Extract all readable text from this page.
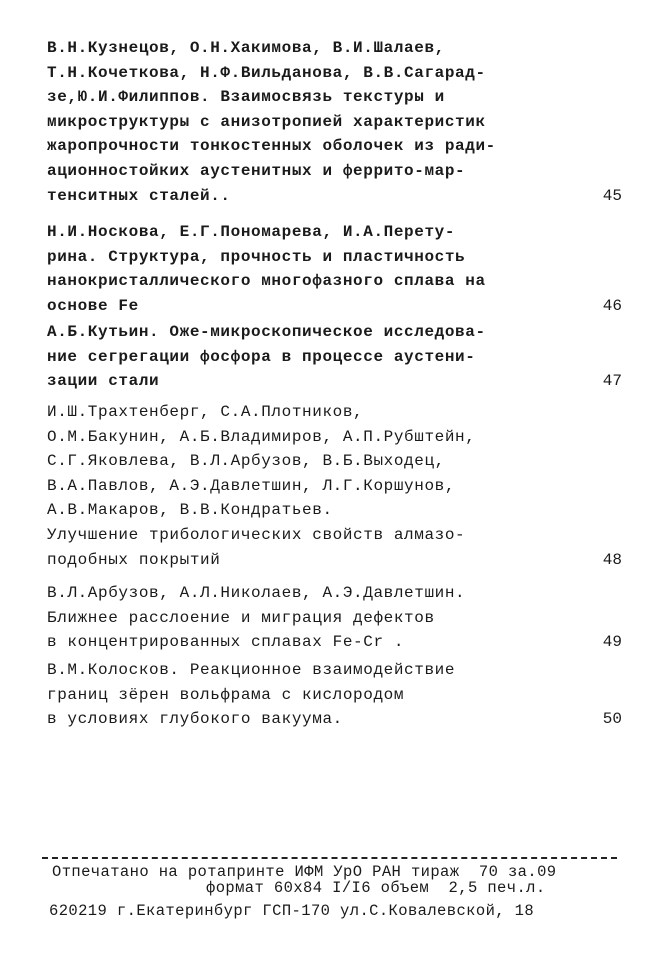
В.Н.Кузнецов, О.Н.Хакимова, В.И.Шалаев,
Т.Н.Кочеткова, Н.Ф.Вильданова, В.В.Сагарад-
зе,Ю.И.Филиппов. Взаимосвязь текстуры и
микроструктуры с анизотропией характеристик
жаропрочности тонкостенных оболочек из ради-
ационностойких аустенитных и феррито-мар-
тенситных сталей..	45
Н.И.Носкова, Е.Г.Пономарева, И.А.Перету-
рина. Структура, прочность и пластичность
нанокристаллического многофазного сплава на
основе Fe	46
А.Б.Кутьин. Оже-микроскопическое исследова-
ние сегрегации фосфора в процессе аустени-
зации стали	47
И.Ш.Трахтенберг, С.А.Плотников,
О.М.Бакунин, А.Б.Владимиров, А.П.Рубштейн,
С.Г.Яковлева, В.Л.Арбузов, В.Б.Выходец,
В.А.Павлов, А.Э.Давлетшин, Л.Г.Коршунов,
А.В.Макаров, В.В.Кондратьев.
Улучшение трибологических свойств алмазо-
подобных покрытий	48
В.Л.Арбузов, А.Л.Николаев, А.Э.Давлетшин.
Ближнее расслоение и миграция дефектов
в концентрированных сплавах Fe-Cr .	49
В.М.Колосков. Реакционное взаимодействие
границ зёрен вольфрама с кислородом
в условиях глубокого вакуума.	50
Отпечатано на ротапринте ИФМ УрО РАН тираж  70 за.09
формат 60х84 I/I6 объем  2,5 печ.л.
620219 г.Екатеринбург ГСП-170 ул.С.Ковалевской, 18
